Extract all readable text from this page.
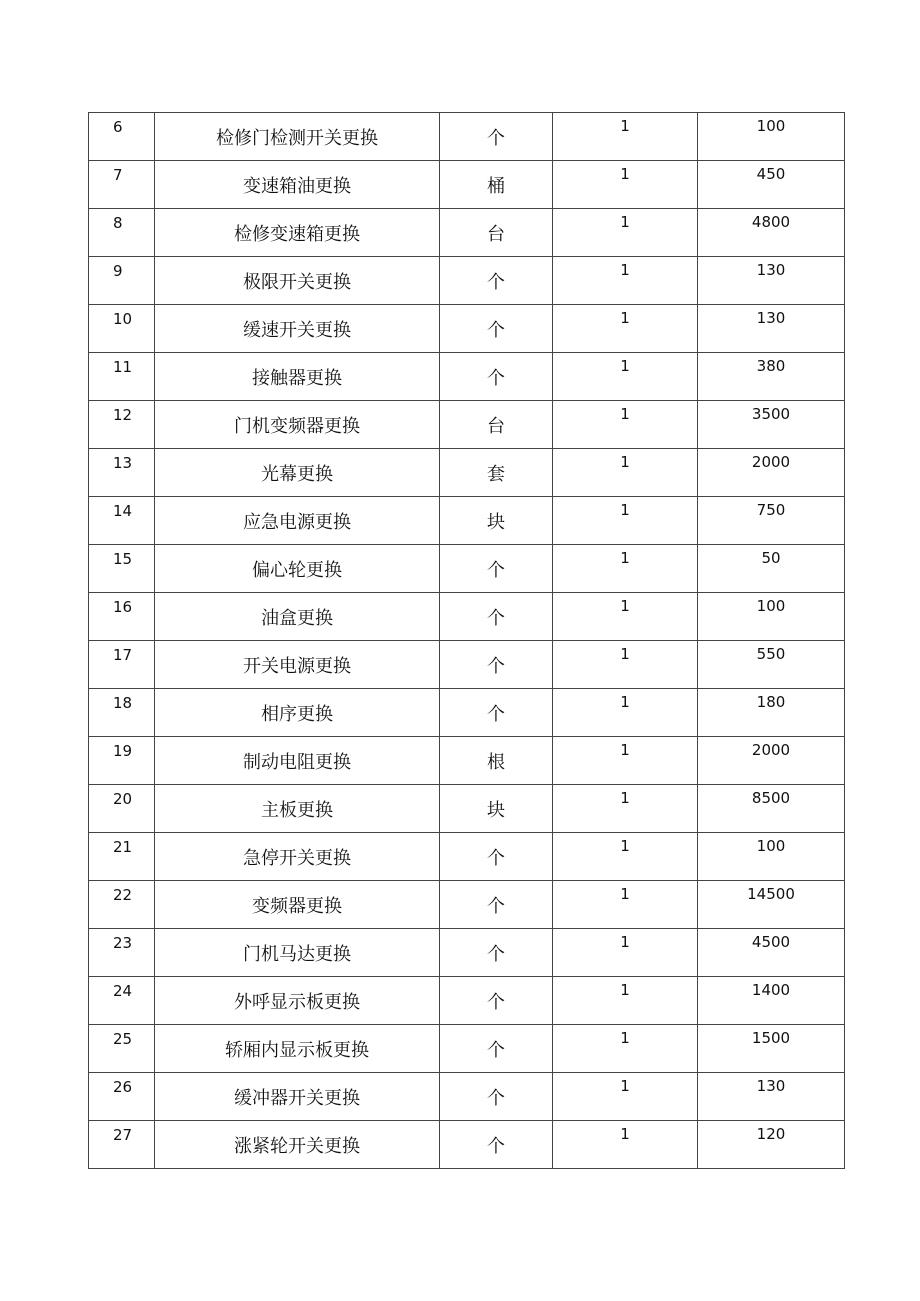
6	检修门检测开关更换	个	1	100

7	变速箱油更换	桶	1	450

8	检修变速箱更换	台	1	4800

9	极限开关更换	个	1	130

10	缓速开关更换	个	1	130

11	接触器更换	个	1	380

12	门机变频器更换	台	1	3500

13	光幕更换	套	1	2000

14	应急电源更换	块	1	750

15	偏心轮更换	个	1	50

16	油盒更换	个	1	100

17	开关电源更换	个	1	550

18	相序更换	个	1	180

19	制动电阻更换	根	1	2000

20	主板更换	块	1	8500

21	急停开关更换	个	1	100

22	变频器更换	个	1	14500

23	门机马达更换	个	1	4500

24	外呼显示板更换	个	1	1400

25	轿厢内显示板更换	个	1	1500

26	缓冲器开关更换	个	1	130

27	涨紧轮开关更换	个	1	120
